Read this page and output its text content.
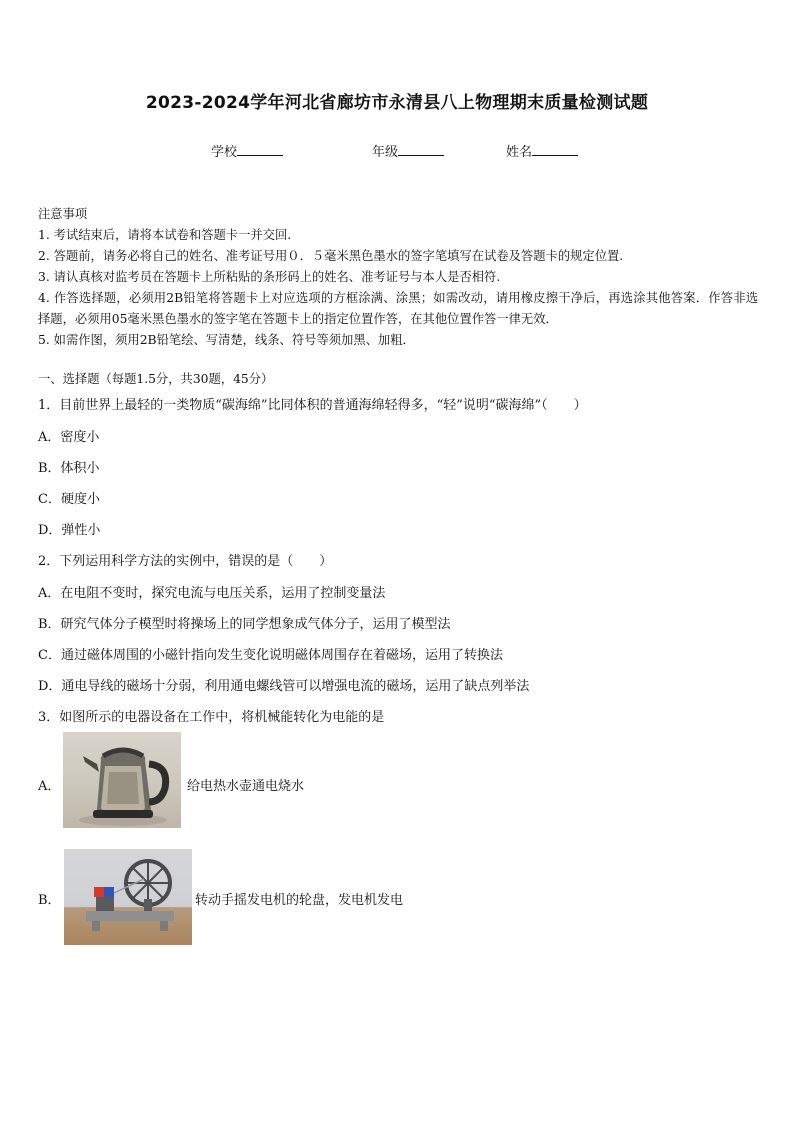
2023-2024学年河北省廊坊市永清县八上物理期末质量检测试题
学校	年级	姓名
注意事项
1. 考试结束后，请将本试卷和答题卡一并交回.
2. 答题前，请务必将自己的姓名、准考证号用０．５毫米黑色墨水的签字笔填写在试卷及答题卡的规定位置.
3. 请认真核对监考员在答题卡上所粘贴的条形码上的姓名、准考证号与本人是否相符.
4. 作答选择题，必须用2B铅笔将答题卡上对应选项的方框涂满、涂黑；如需改动，请用橡皮擦干净后，再选涂其他答案．作答非选择题，必须用05毫米黑色墨水的签字笔在答题卡上的指定位置作答，在其他位置作答一律无效．
5. 如需作图，须用2B铅笔绘、写清楚，线条、符号等须加黑、加粗．
一、选择题（每题1.5分，共30题，45分）
1．目前世界上最轻的一类物质“碳海绵”比同体积的普通海绵轻得多，“轻”说明“碳海绵”（　　）
A．密度小
B．体积小
C．硬度小
D．弹性小
2．下列运用科学方法的实例中，错误的是（　　）
A．在电阻不变时，探究电流与电压关系，运用了控制变量法
B．研究气体分子模型时将操场上的同学想象成气体分子，运用了模型法
C．通过磁体周围的小磁针指向发生变化说明磁体周围存在着磁场，运用了转换法
D．通电导线的磁场十分弱，利用通电螺线管可以增强电流的磁场，运用了缺点列举法
3．如图所示的电器设备在工作中，将机械能转化为电能的是
A．	给电热水壶通电烧水
B．	转动手摇发电机的轮盘，发电机发电
